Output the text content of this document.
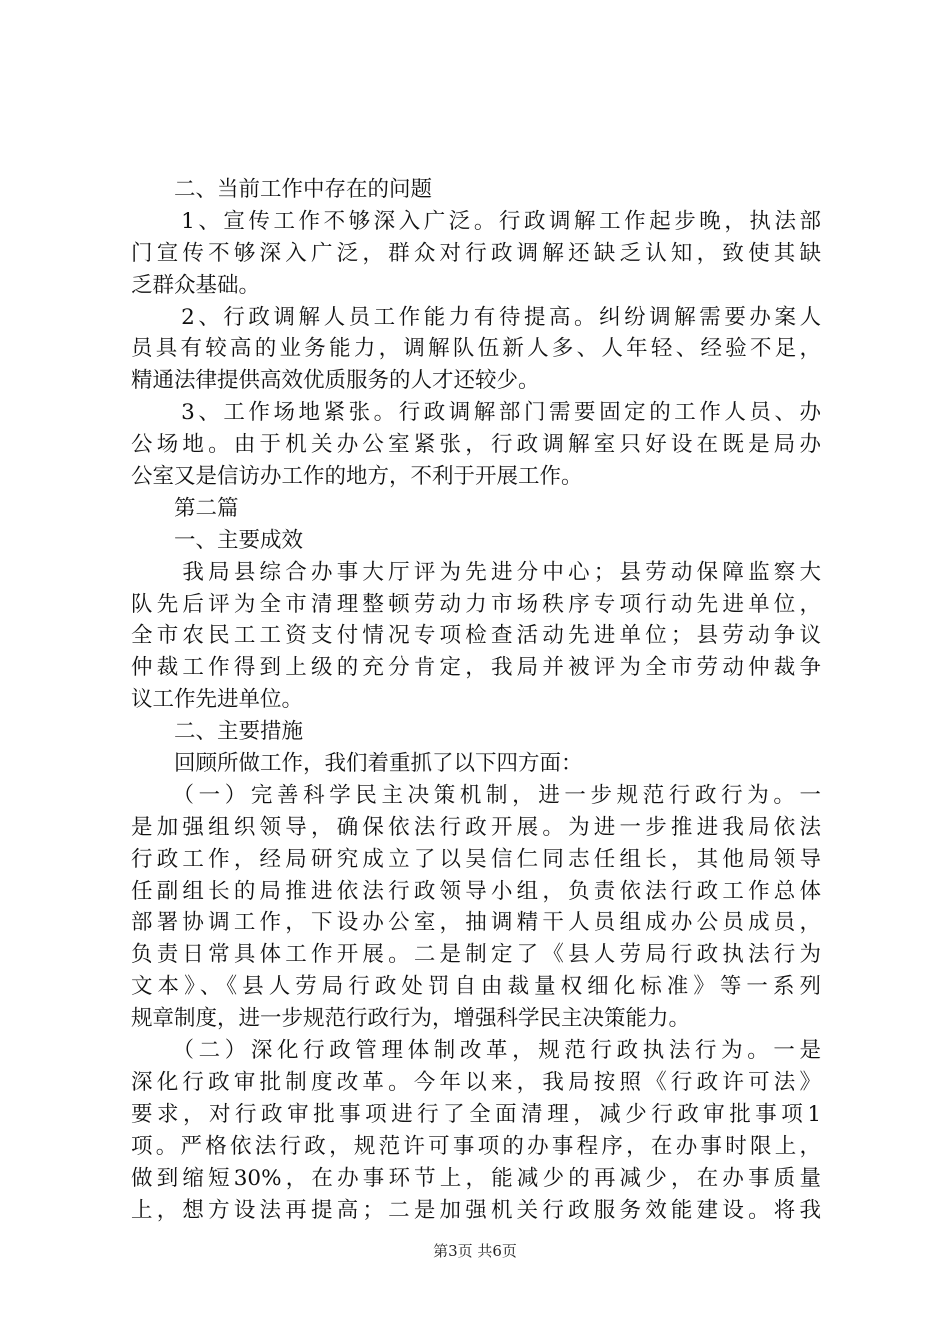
　　二、当前工作中存在的问题
　　1、宣传工作不够深入广泛。行政调解工作起步晚，执法部
门宣传不够深入广泛，群众对行政调解还缺乏认知，致使其缺
乏群众基础。
　　2、行政调解人员工作能力有待提高。纠纷调解需要办案人
员具有较高的业务能力，调解队伍新人多、人年轻、经验不足，
精通法律提供高效优质服务的人才还较少。
　　3、工作场地紧张。行政调解部门需要固定的工作人员、办
公场地。由于机关办公室紧张，行政调解室只好设在既是局办
公室又是信访办工作的地方，不利于开展工作。
　　第二篇
　　一、主要成效
　　我局县综合办事大厅评为先进分中心；县劳动保障监察大
队先后评为全市清理整顿劳动力市场秩序专项行动先进单位，
全市农民工工资支付情况专项检查活动先进单位；县劳动争议
仲裁工作得到上级的充分肯定，我局并被评为全市劳动仲裁争
议工作先进单位。
　　二、主要措施
　　回顾所做工作，我们着重抓了以下四方面：
　　（一）完善科学民主决策机制，进一步规范行政行为。一
是加强组织领导，确保依法行政开展。为进一步推进我局依法
行政工作，经局研究成立了以吴信仁同志任组长，其他局领导
任副组长的局推进依法行政领导小组，负责依法行政工作总体
部署协调工作，下设办公室，抽调精干人员组成办公员成员，
负责日常具体工作开展。二是制定了《县人劳局行政执法行为
文本》、《县人劳局行政处罚自由裁量权细化标准》等一系列
规章制度，进一步规范行政行为，增强科学民主决策能力。
　　（二）深化行政管理体制改革，规范行政执法行为。一是
深化行政审批制度改革。今年以来，我局按照《行政许可法》
要求，对行政审批事项进行了全面清理，减少行政审批事项1
项。严格依法行政，规范许可事项的办事程序，在办事时限上，
做到缩短30%，在办事环节上，能减少的再减少，在办事质量
上，想方设法再提高；二是加强机关行政服务效能建设。将我
第3页 共6页
